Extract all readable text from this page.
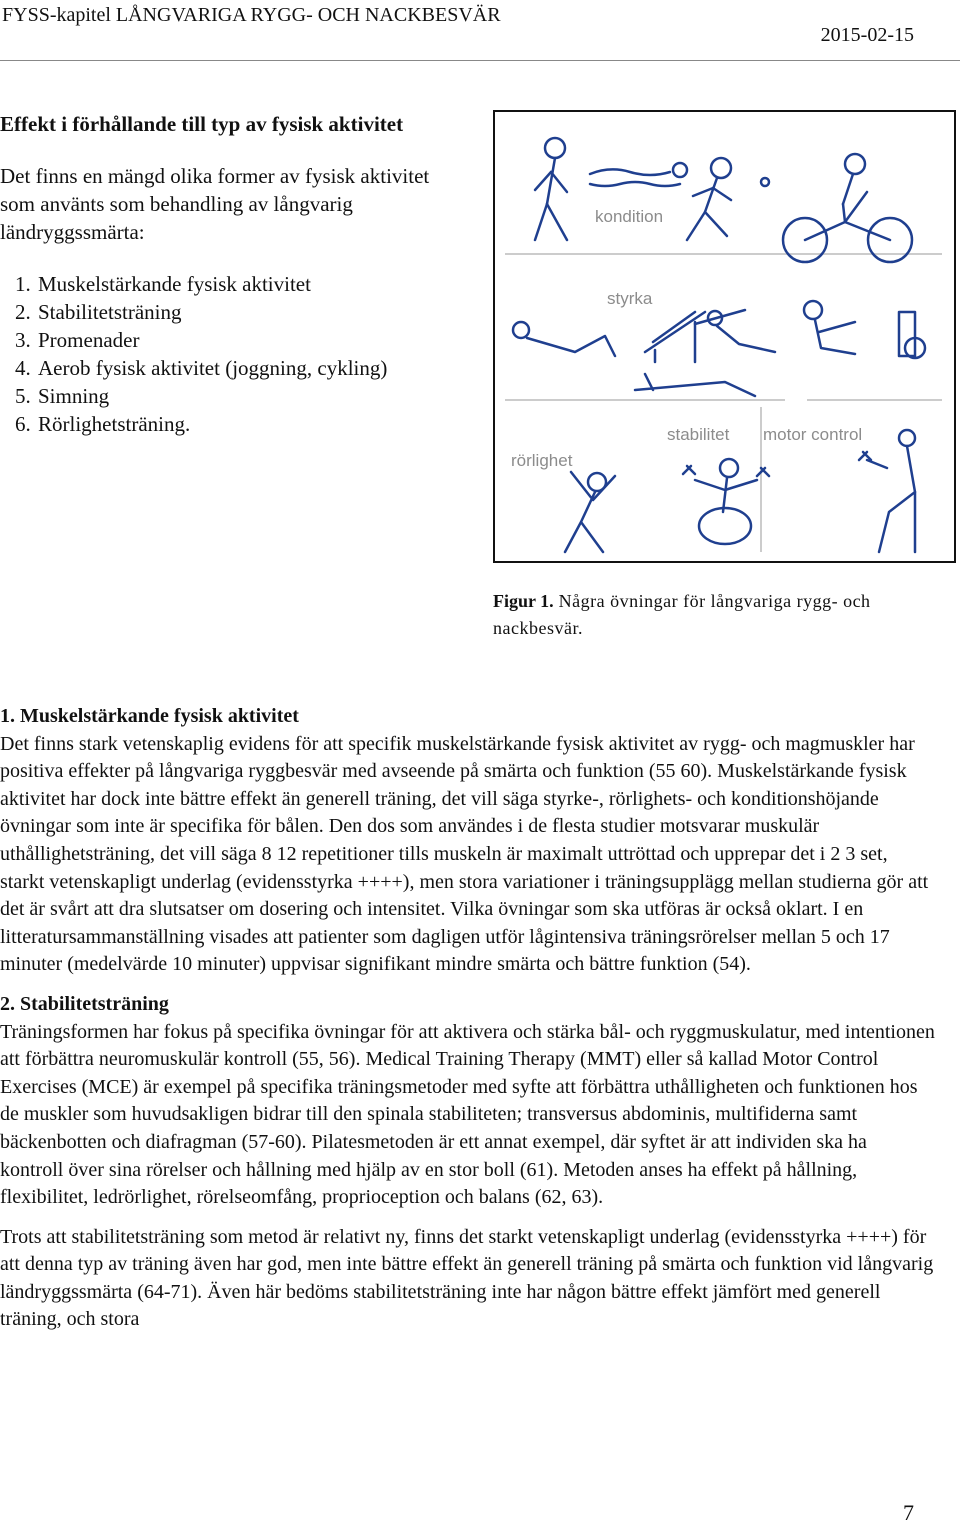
FYSS-kapitel LÅNGVARIGA RYGG- OCH NACKBESVÄR
2015-02-15
Effekt i förhållande till typ av fysisk aktivitet

Det finns en mängd olika former av fysisk aktivitet som använts som behandling av långvarig ländryggssmärta:

1. Muskelstärkande fysisk aktivitet
2. Stabilitetsträning
3. Promenader
4. Aerob fysisk aktivitet (joggning, cykling)
5. Simning
6. Rörlighetsträning.
kondition
styrka
stabilitet motor control
rörlighet
Figur 1. Några övningar för långvariga rygg- och nackbesvär.
1. Muskelstärkande fysisk aktivitet

Det finns stark vetenskaplig evidens för att specifik muskelstärkande fysisk aktivitet av rygg- och magmuskler har positiva effekter på långvariga ryggbesvär med avseende på smärta och funktion (55 60). Muskelstärkande fysisk aktivitet har dock inte bättre effekt än generell träning, det vill säga styrke-, rörlighets- och konditionshöjande övningar som inte är specifika för bålen. Den dos som användes i de flesta studier motsvarar muskulär uthållighetsträning, det vill säga 8 12 repetitioner tills muskeln är maximalt uttröttad och upprepar det i 2 3 set, starkt vetenskapligt underlag (evidensstyrka ++++), men stora variationer i träningsupplägg mellan studierna gör att det är svårt att dra slutsatser om dosering och intensitet. Vilka övningar som ska utföras är också oklart. I en litteratursammanställning visades att patienter som dagligen utför lågintensiva träningsrörelser mellan 5 och 17 minuter (medelvärde 10 minuter) uppvisar signifikant mindre smärta och bättre funktion (54).

2. Stabilitetsträning

Träningsformen har fokus på specifika övningar för att aktivera och stärka bål- och ryggmuskulatur, med intentionen att förbättra neuromuskulär kontroll (55, 56). Medical Training Therapy (MMT) eller så kallad Motor Control Exercises (MCE) är exempel på specifika träningsmetoder med syfte att förbättra uthålligheten och funktionen hos de muskler som huvudsakligen bidrar till den spinala stabiliteten; transversus abdominis, multifiderna samt bäckenbotten och diafragman (57-60). Pilatesmetoden är ett annat exempel, där syftet är att individen ska ha kontroll över sina rörelser och hållning med hjälp av en stor boll (61). Metoden anses ha effekt på hållning, flexibilitet, ledrörlighet, rörelseomfång, proprioception och balans (62, 63).

Trots att stabilitetsträning som metod är relativt ny, finns det starkt vetenskapligt underlag (evidensstyrka ++++) för att denna typ av träning även har god, men inte bättre effekt än generell träning på smärta och funktion vid långvarig ländryggssmärta (64-71). Även här bedöms stabilitetsträning inte har någon bättre effekt jämfört med generell träning, och stora

7
